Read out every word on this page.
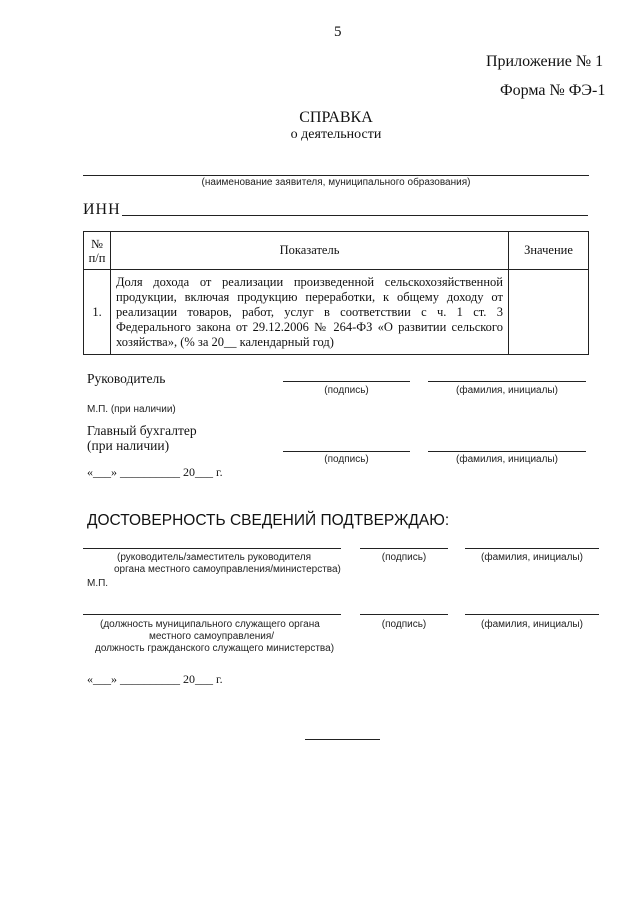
5
Приложение № 1
Форма № ФЭ-1
СПРАВКА
о деятельности
(наименование заявителя, муниципального образования)
ИНН
№
п/п	Показатель	Значение
1.	Доля дохода от реализации произведенной сельскохозяйственной продукции, включая продукцию переработки, к общему доходу от реализации товаров, работ, услуг в соответствии с ч. 1 ст. 3 Федерального закона от 29.12.2006 № 264-ФЗ «О развитии сельского хозяйства», (% за 20__ календарный год)	

Руководитель
(подпись)	(фамилия, инициалы)
М.П. (при наличии)
Главный бухгалтер
(при наличии)
(подпись)	(фамилия, инициалы)
«___» __________ 20___ г.
ДОСТОВЕРНОСТЬ СВЕДЕНИЙ ПОДТВЕРЖДАЮ:
(руководитель/заместитель руководителя
органа местного самоуправления/министерства)
(подпись)	(фамилия, инициалы)
М.П.
(должность муниципального служащего органа
местного самоуправления/
должность гражданского служащего министерства)
(подпись)	(фамилия, инициалы)
«___» __________ 20___ г.
